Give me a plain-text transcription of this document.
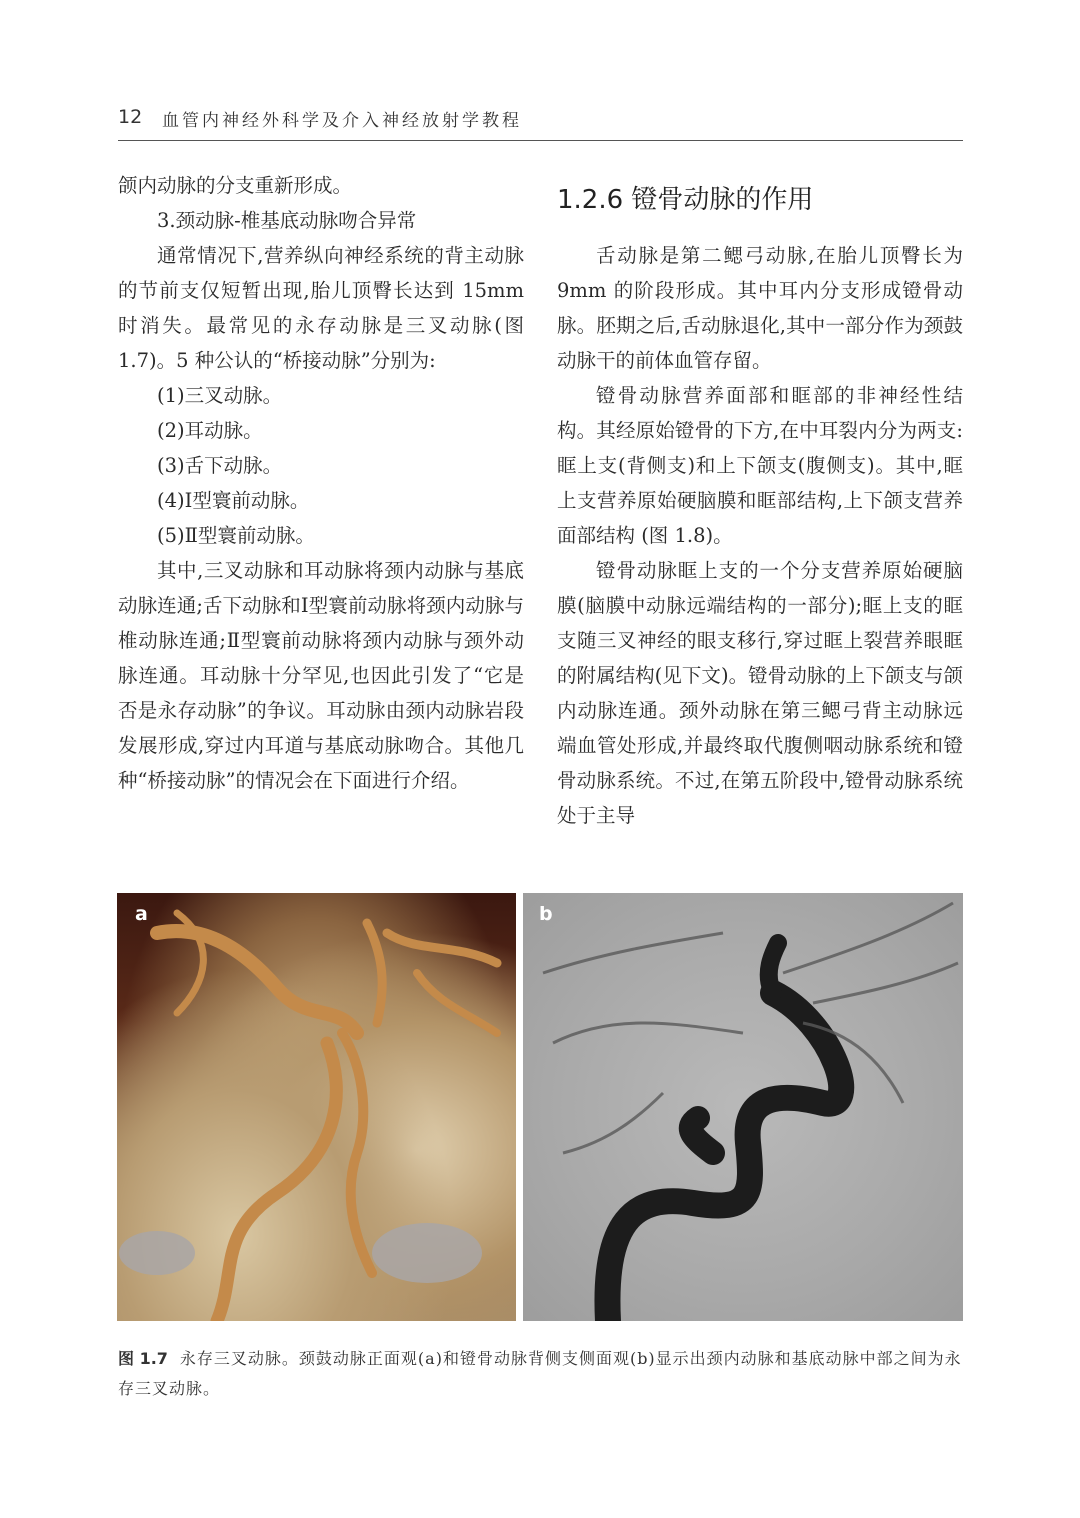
12 血管内神经外科学及介入神经放射学教程

颌内动脉的分支重新形成。

3.颈动脉-椎基底动脉吻合异常

通常情况下,营养纵向神经系统的背主动脉的节前支仅短暂出现,胎儿顶臀长达到 15mm 时消失。最常见的永存动脉是三叉动脉(图 1.7)。5 种公认的“桥接动脉”分别为:

(1)三叉动脉。

(2)耳动脉。

(3)舌下动脉。

(4)Ⅰ型寰前动脉。

(5)Ⅱ型寰前动脉。

其中,三叉动脉和耳动脉将颈内动脉与基底动脉连通;舌下动脉和Ⅰ型寰前动脉将颈内动脉与椎动脉连通;Ⅱ型寰前动脉将颈内动脉与颈外动脉连通。耳动脉十分罕见,也因此引发了“它是否是永存动脉”的争议。耳动脉由颈内动脉岩段发展形成,穿过内耳道与基底动脉吻合。其他几种“桥接动脉”的情况会在下面进行介绍。

1.2.6 镫骨动脉的作用

舌动脉是第二鳃弓动脉,在胎儿顶臀长为 9mm 的阶段形成。其中耳内分支形成镫骨动脉。胚期之后,舌动脉退化,其中一部分作为颈鼓动脉干的前体血管存留。

镫骨动脉营养面部和眶部的非神经性结构。其经原始镫骨的下方,在中耳裂内分为两支:眶上支(背侧支)和上下颌支(腹侧支)。其中,眶上支营养原始硬脑膜和眶部结构,上下颌支营养面部结构 (图 1.8)。

镫骨动脉眶上支的一个分支营养原始硬脑膜(脑膜中动脉远端结构的一部分);眶上支的眶支随三叉神经的眼支移行,穿过眶上裂营养眼眶的附属结构(见下文)。镫骨动脉的上下颌支与颌内动脉连通。颈外动脉在第三鳃弓背主动脉远端血管处形成,并最终取代腹侧咽动脉系统和镫骨动脉系统。不过,在第五阶段中,镫骨动脉系统处于主导

a	b
图 1.7 永存三叉动脉。颈鼓动脉正面观(a)和镫骨动脉背侧支侧面观(b)显示出颈内动脉和基底动脉中部之间为永存三叉动脉。
